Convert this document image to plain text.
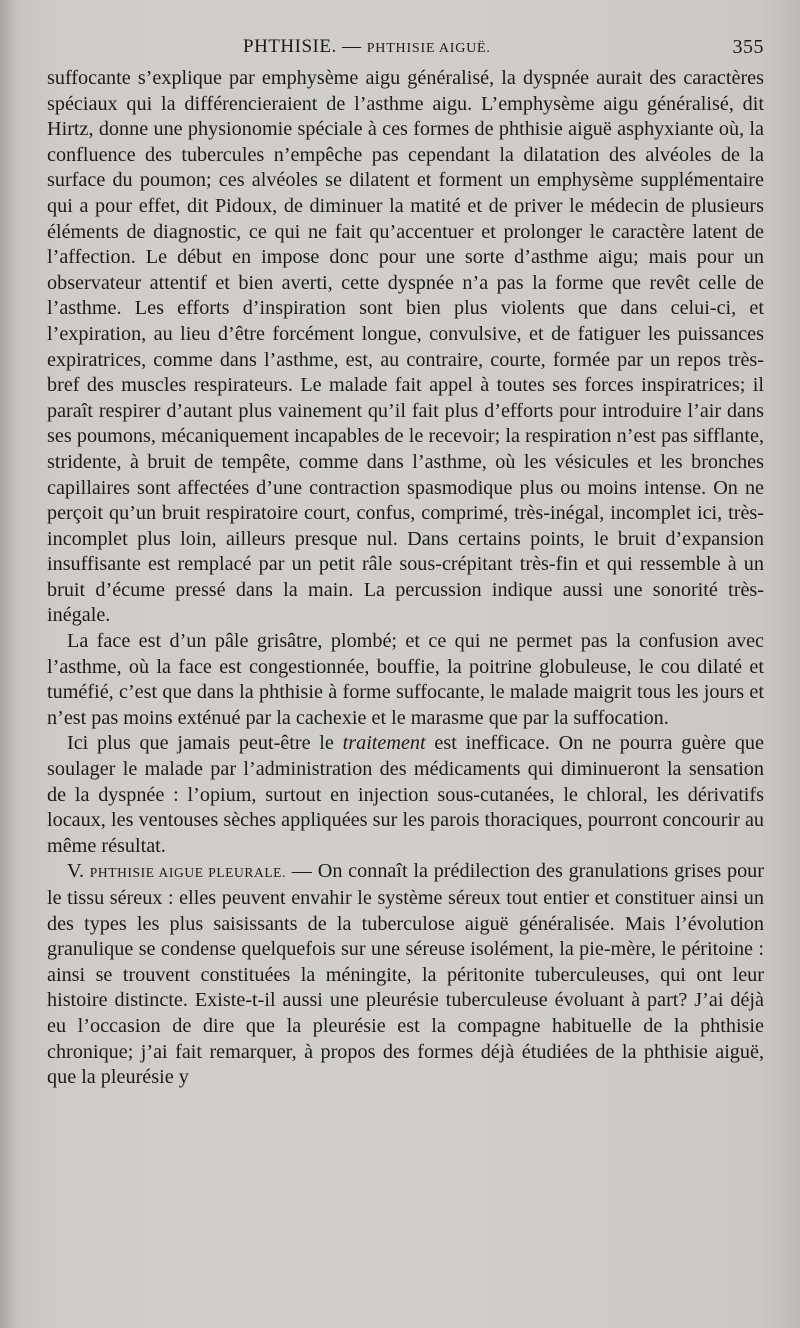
PHTHISIE. — PHTHISIE AIGUË.	355

suffocante s’explique par emphysème aigu généralisé, la dyspnée aurait des caractères spéciaux qui la différencieraient de l’asthme aigu. L’emphysème aigu généralisé, dit Hirtz, donne une physionomie spéciale à ces formes de phthisie aiguë asphyxiante où, la confluence des tubercules n’empêche pas cependant la dilatation des alvéoles de la surface du poumon; ces alvéoles se dilatent et forment un emphysème supplémentaire qui a pour effet, dit Pidoux, de diminuer la matité et de priver le médecin de plusieurs éléments de diagnostic, ce qui ne fait qu’accentuer et prolonger le caractère latent de l’affection. Le début en impose donc pour une sorte d’asthme aigu; mais pour un observateur attentif et bien averti, cette dyspnée n’a pas la forme que revêt celle de l’asthme. Les efforts d’inspiration sont bien plus violents que dans celui-ci, et l’expiration, au lieu d’être forcément longue, convulsive, et de fatiguer les puissances expiratrices, comme dans l’asthme, est, au contraire, courte, formée par un repos très-bref des muscles respirateurs. Le malade fait appel à toutes ses forces inspiratrices; il paraît respirer d’autant plus vainement qu’il fait plus d’efforts pour introduire l’air dans ses poumons, mécaniquement incapables de le recevoir; la respiration n’est pas sifflante, stridente, à bruit de tempête, comme dans l’asthme, où les vésicules et les bronches capillaires sont affectées d’une contraction spasmodique plus ou moins intense. On ne perçoit qu’un bruit respiratoire court, confus, comprimé, très-inégal, incomplet ici, très-incomplet plus loin, ailleurs presque nul. Dans certains points, le bruit d’expansion insuffisante est remplacé par un petit râle sous-crépitant très-fin et qui ressemble à un bruit d’écume pressé dans la main. La percussion indique aussi une sonorité très-inégale.

La face est d’un pâle grisâtre, plombé; et ce qui ne permet pas la confusion avec l’asthme, où la face est congestionnée, bouffie, la poitrine globuleuse, le cou dilaté et tuméfié, c’est que dans la phthisie à forme suffocante, le malade maigrit tous les jours et n’est pas moins exténué par la cachexie et le marasme que par la suffocation.

Ici plus que jamais peut-être le traitement est inefficace. On ne pourra guère que soulager le malade par l’administration des médicaments qui diminueront la sensation de la dyspnée : l’opium, surtout en injection sous-cutanées, le chloral, les dérivatifs locaux, les ventouses sèches appliquées sur les parois thoraciques, pourront concourir au même résultat.

V. PHTHISIE AIGUE PLEURALE. — On connaît la prédilection des granulations grises pour le tissu séreux : elles peuvent envahir le système séreux tout entier et constituer ainsi un des types les plus saisissants de la tuberculose aiguë généralisée. Mais l’évolution granulique se condense quelquefois sur une séreuse isolément, la pie-mère, le péritoine : ainsi se trouvent constituées la méningite, la péritonite tuberculeuses, qui ont leur histoire distincte. Existe-t-il aussi une pleurésie tuberculeuse évoluant à part? J’ai déjà eu l’occasion de dire que la pleurésie est la compagne habituelle de la phthisie chronique; j’ai fait remarquer, à propos des formes déjà étudiées de la phthisie aiguë, que la pleurésie y
